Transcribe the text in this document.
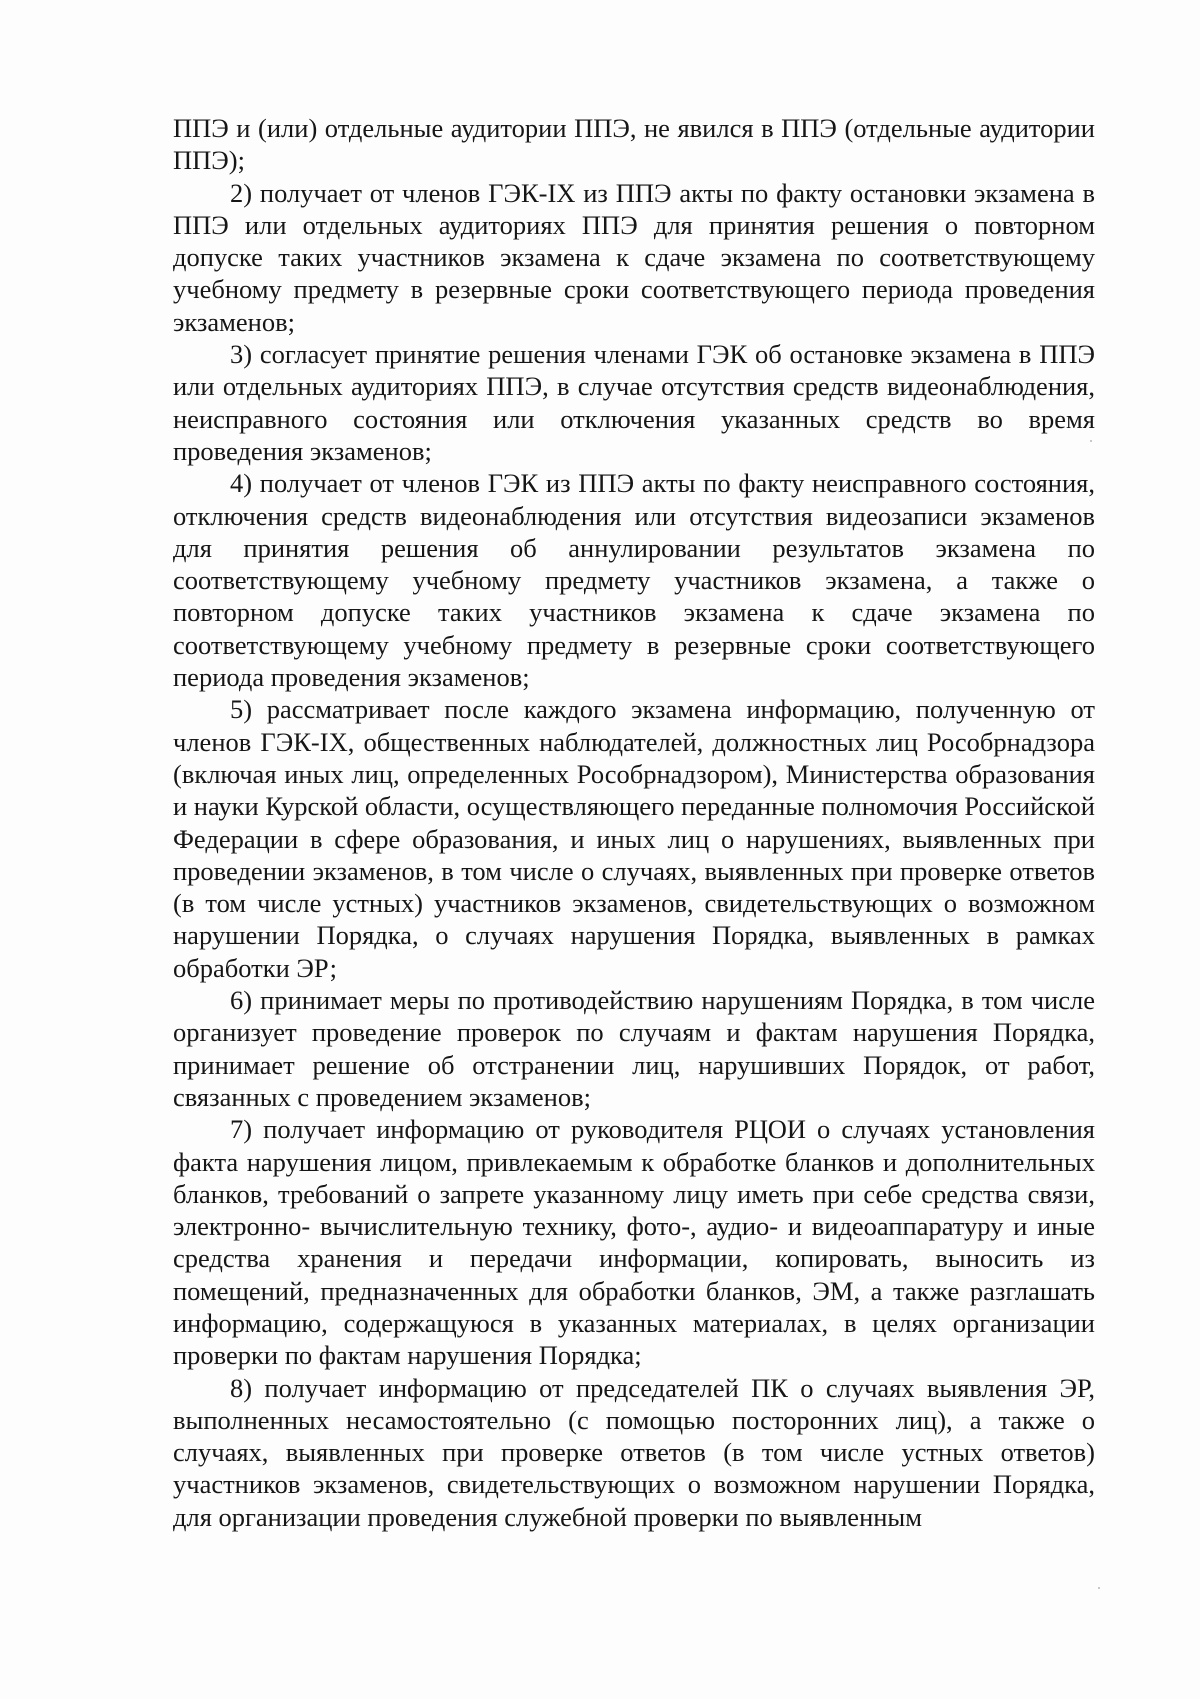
ППЭ и (или) отдельные аудитории ППЭ, не явился в ППЭ (отдельные аудитории ППЭ);

2) получает от членов ГЭК-IX из ППЭ акты по факту остановки экзамена в ППЭ или отдельных аудиториях ППЭ для принятия решения о повторном допуске таких участников экзамена к сдаче экзамена по соответствующему учебному предмету в резервные сроки соответствующего периода проведения экзаменов;

3) согласует принятие решения членами ГЭК об остановке экзамена в ППЭ или отдельных аудиториях ППЭ, в случае отсутствия средств видеонаблюдения, неисправного состояния или отключения указанных средств во время проведения экзаменов;

4) получает от членов ГЭК из ППЭ акты по факту неисправного состояния, отключения средств видеонаблюдения или отсутствия видеозаписи экзаменов для принятия решения об аннулировании результатов экзамена по соответствующему учебному предмету участников экзамена, а также о повторном допуске таких участников экзамена к сдаче экзамена по соответствующему учебному предмету в резервные сроки соответствующего периода проведения экзаменов;

5) рассматривает после каждого экзамена информацию, полученную от членов ГЭК-IX, общественных наблюдателей, должностных лиц Рособрнадзора (включая иных лиц, определенных Рособрнадзором), Министерства образования и науки Курской области, осуществляющего переданные полномочия Российской Федерации в сфере образования, и иных лиц о нарушениях, выявленных при проведении экзаменов, в том числе о случаях, выявленных при проверке ответов (в том числе устных) участников экзаменов, свидетельствующих о возможном нарушении Порядка, о случаях нарушения Порядка, выявленных в рамках обработки ЭР;

6) принимает меры по противодействию нарушениям Порядка, в том числе организует проведение проверок по случаям и фактам нарушения Порядка, принимает решение об отстранении лиц, нарушивших Порядок, от работ, связанных с проведением экзаменов;

7) получает информацию от руководителя РЦОИ о случаях установления факта нарушения лицом, привлекаемым к обработке бланков и дополнительных бланков, требований о запрете указанному лицу иметь при себе средства связи, электронно- вычислительную технику, фото-, аудио- и видеоаппаратуру и иные средства хранения и передачи информации, копировать, выносить из помещений, предназначенных для обработки бланков, ЭМ, а также разглашать информацию, содержащуюся в указанных материалах, в целях организации проверки по фактам нарушения Порядка;

8) получает информацию от председателей ПК о случаях выявления ЭР, выполненных несамостоятельно (с помощью посторонних лиц), а также о случаях, выявленных при проверке ответов (в том числе устных ответов) участников экзаменов, свидетельствующих о возможном нарушении Порядка, для организации проведения служебной проверки по выявленным
